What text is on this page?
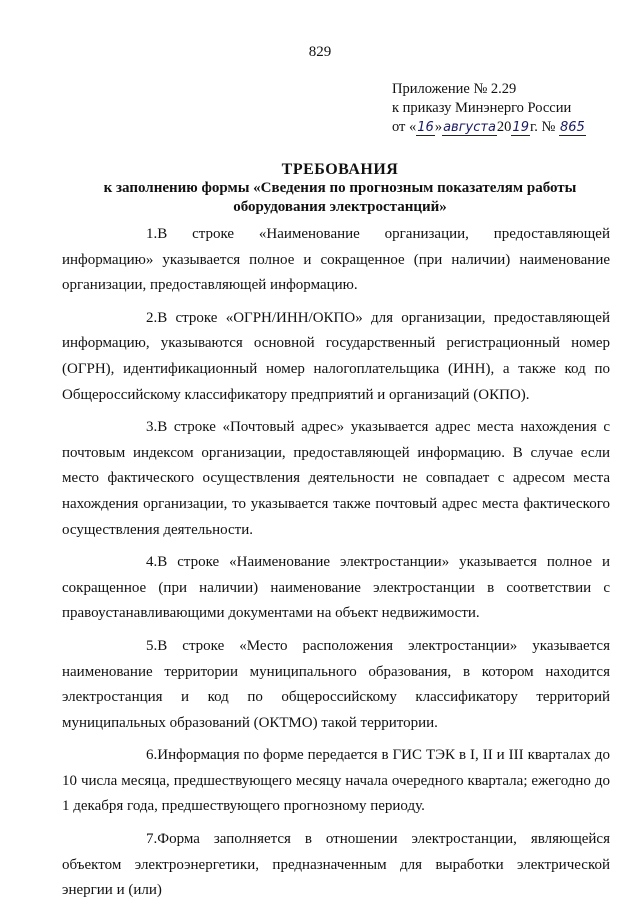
829
Приложение № 2.29
к приказу Минэнерго России
от «16»августа2019г. № 865
ТРЕБОВАНИЯ
к заполнению формы «Сведения по прогнозным показателям работы
оборудования электростанций»

1.В строке «Наименование организации, предоставляющей информацию» указывается полное и сокращенное (при наличии) наименование организации, предоставляющей информацию.

2.В строке «ОГРН/ИНН/ОКПО» для организации, предоставляющей информацию, указываются основной государственный регистрационный номер (ОГРН), идентификационный номер налогоплательщика (ИНН), а также код по Общероссийскому классификатору предприятий и организаций (ОКПО).

3.В строке «Почтовый адрес» указывается адрес места нахождения с почтовым индексом организации, предоставляющей информацию. В случае если место фактического осуществления деятельности не совпадает с адресом места нахождения организации, то указывается также почтовый адрес места фактического осуществления деятельности.

4.В строке «Наименование электростанции» указывается полное и сокращенное (при наличии) наименование электростанции в соответствии с правоустанавливающими документами на объект недвижимости.

5.В строке «Место расположения электростанции» указывается наименование территории муниципального образования, в котором находится электростанция и код по общероссийскому классификатору территорий муниципальных образований (ОКТМО) такой территории.

6.Информация по форме передается в ГИС ТЭК в I, II и III кварталах до 10 числа месяца, предшествующего месяцу начала очередного квартала; ежегодно до 1 декабря года, предшествующего прогнозному периоду.

7.Форма заполняется в отношении электростанции, являющейся объектом электроэнергетики, предназначенным для выработки электрической энергии и (или)
